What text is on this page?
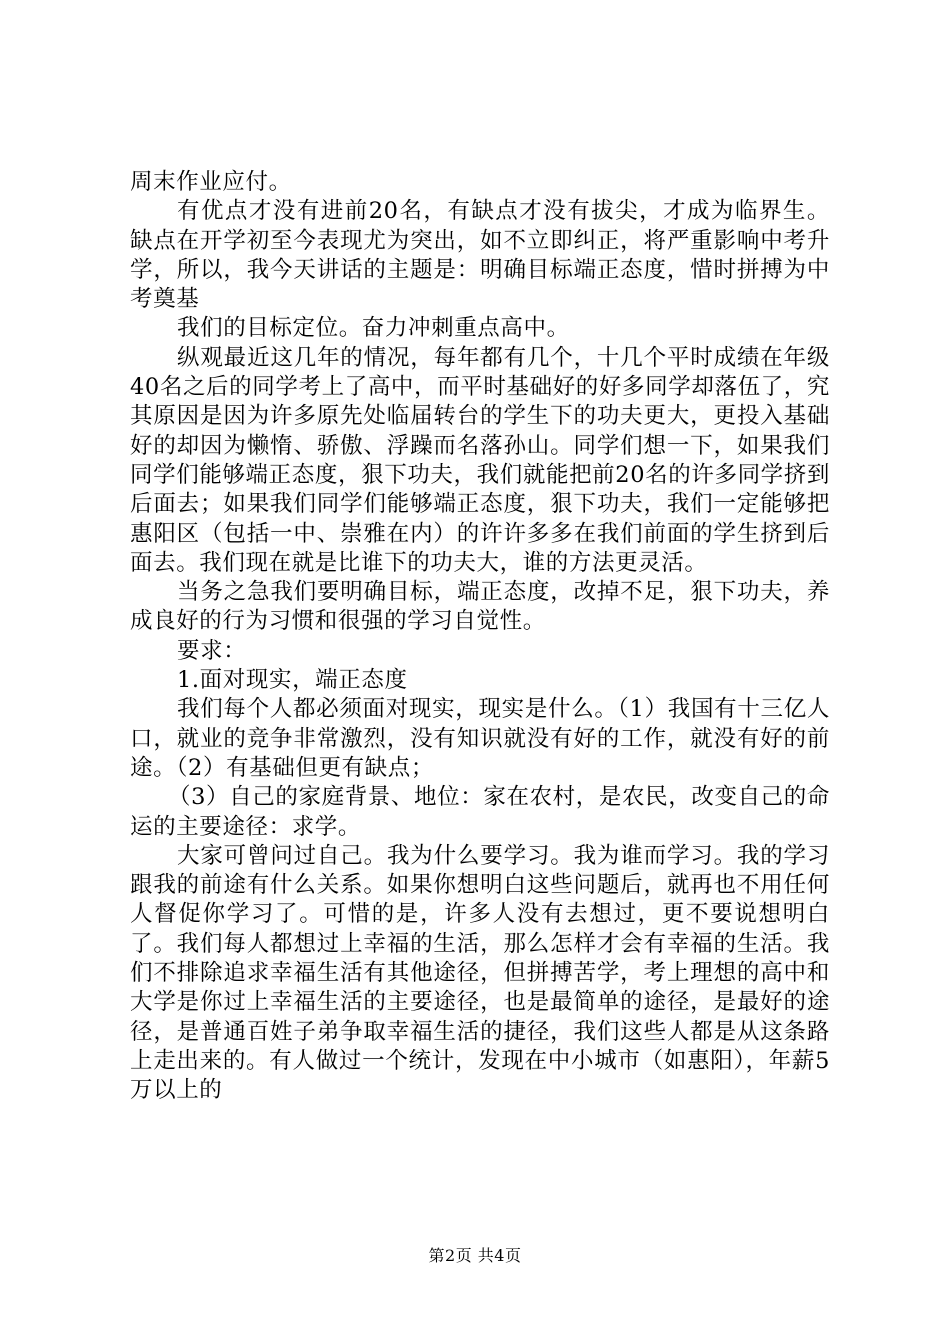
周末作业应付。

有优点才没有进前20名，有缺点才没有拔尖，才成为临界生。缺点在开学初至今表现尤为突出，如不立即纠正，将严重影响中考升学，所以，我今天讲话的主题是：明确目标端正态度，惜时拼搏为中考奠基

我们的目标定位。奋力冲刺重点高中。

纵观最近这几年的情况，每年都有几个，十几个平时成绩在年级40名之后的同学考上了高中，而平时基础好的好多同学却落伍了，究其原因是因为许多原先处临届转台的学生下的功夫更大，更投入基础好的却因为懒惰、骄傲、浮躁而名落孙山。同学们想一下，如果我们同学们能够端正态度，狠下功夫，我们就能把前20名的许多同学挤到后面去；如果我们同学们能够端正态度，狠下功夫，我们一定能够把惠阳区（包括一中、崇雅在内）的许许多多在我们前面的学生挤到后面去。我们现在就是比谁下的功夫大，谁的方法更灵活。

当务之急我们要明确目标，端正态度，改掉不足，狠下功夫，养成良好的行为习惯和很强的学习自觉性。

要求：

1.面对现实，端正态度

我们每个人都必须面对现实，现实是什么。（1）我国有十三亿人口，就业的竞争非常激烈，没有知识就没有好的工作，就没有好的前途。（2）有基础但更有缺点；

（3）自己的家庭背景、地位：家在农村，是农民，改变自己的命运的主要途径：求学。

大家可曾问过自己。我为什么要学习。我为谁而学习。我的学习跟我的前途有什么关系。如果你想明白这些问题后，就再也不用任何人督促你学习了。可惜的是，许多人没有去想过，更不要说想明白了。我们每人都想过上幸福的生活，那么怎样才会有幸福的生活。我们不排除追求幸福生活有其他途径，但拼搏苦学，考上理想的高中和大学是你过上幸福生活的主要途径，也是最简单的途径，是最好的途径，是普通百姓子弟争取幸福生活的捷径，我们这些人都是从这条路上走出来的。有人做过一个统计，发现在中小城市（如惠阳），年薪5万以上的

第2页 共4页
